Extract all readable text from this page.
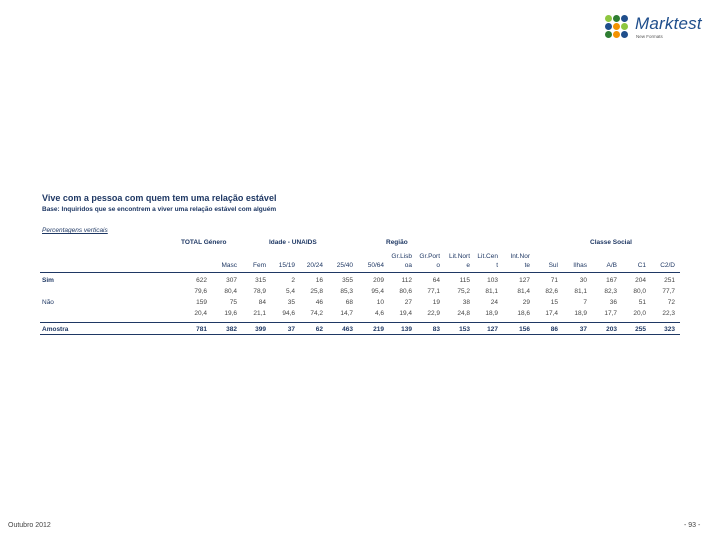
Marktest
New Formats
Vive com a pessoa com quem tem uma relação estável
Base: Inquiridos que se encontrem a viver uma relação estável com alguém
Percentagens verticais
TOTAL Género	Idade - UNAIDS	Região	Classe Social
Masc	Fem	15/19	20/24	25/40	50/64
Gr.Lisb
oa
Gr.Port
o
Lit.Nort
e
Lit.Cen
t
Int.Nor
te	Sul	Ilhas	A/B	C1	C2/D
Sim	622	307	315	2	16	355	209	112	64	115	103	127	71	30	167	204	251
79,6	80,4	78,9	5,4	25,8	85,3	95,4	80,6	77,1	75,2	81,1	81,4	82,6	81,1	82,3	80,0	77,7
Não	159	75	84	35	46	68	10	27	19	38	24	29	15	7	36	51	72
20,4	19,6	21,1	94,6	74,2	14,7	4,6	19,4	22,9	24,8	18,9	18,6	17,4	18,9	17,7	20,0	22,3
Amostra	781	382	399	37	62	463	219	139	83	153	127	156	86	37	203	255	323
Outubro 2012	- 93 -
